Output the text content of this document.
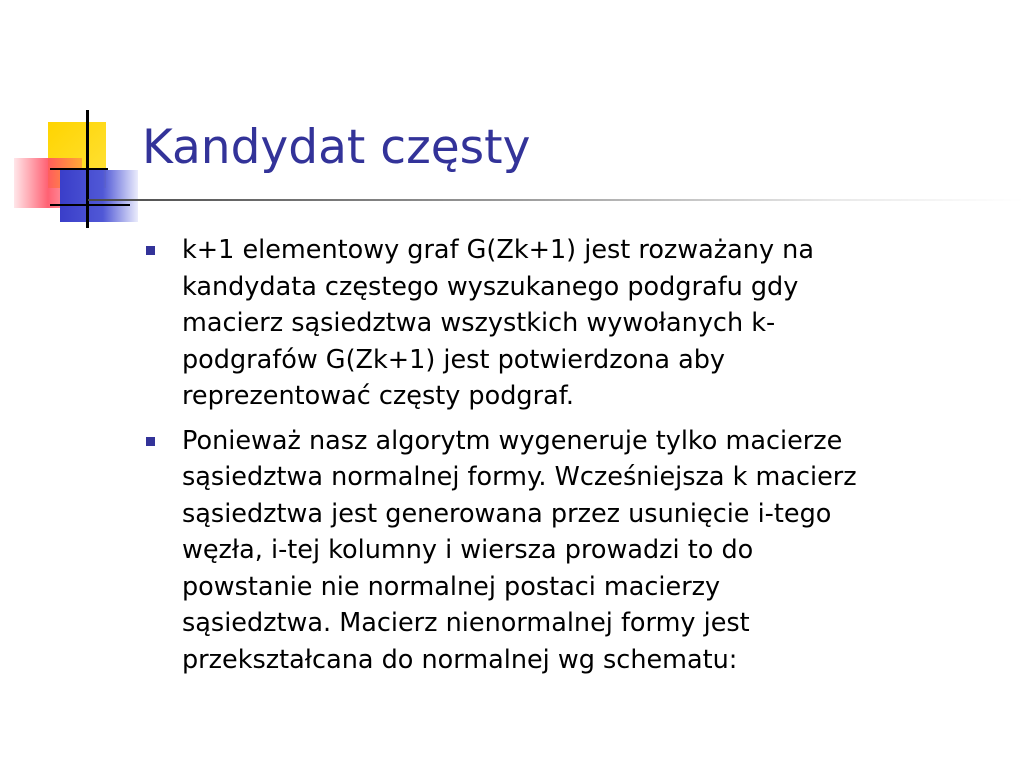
Kandydat częsty
k+1 elementowy graf G(Zk+1) jest rozważany na
kandydata częstego wyszukanego podgrafu gdy
macierz sąsiedztwa wszystkich wywołanych k-
podgrafów G(Zk+1) jest potwierdzona aby
reprezentować częsty podgraf.
Ponieważ nasz algorytm wygeneruje tylko macierze
sąsiedztwa normalnej formy. Wcześniejsza k macierz
sąsiedztwa jest generowana przez usunięcie i-tego
węzła, i-tej kolumny i wiersza prowadzi to do
powstanie nie normalnej postaci macierzy
sąsiedztwa. Macierz nienormalnej formy jest
przekształcana do normalnej wg schematu:
